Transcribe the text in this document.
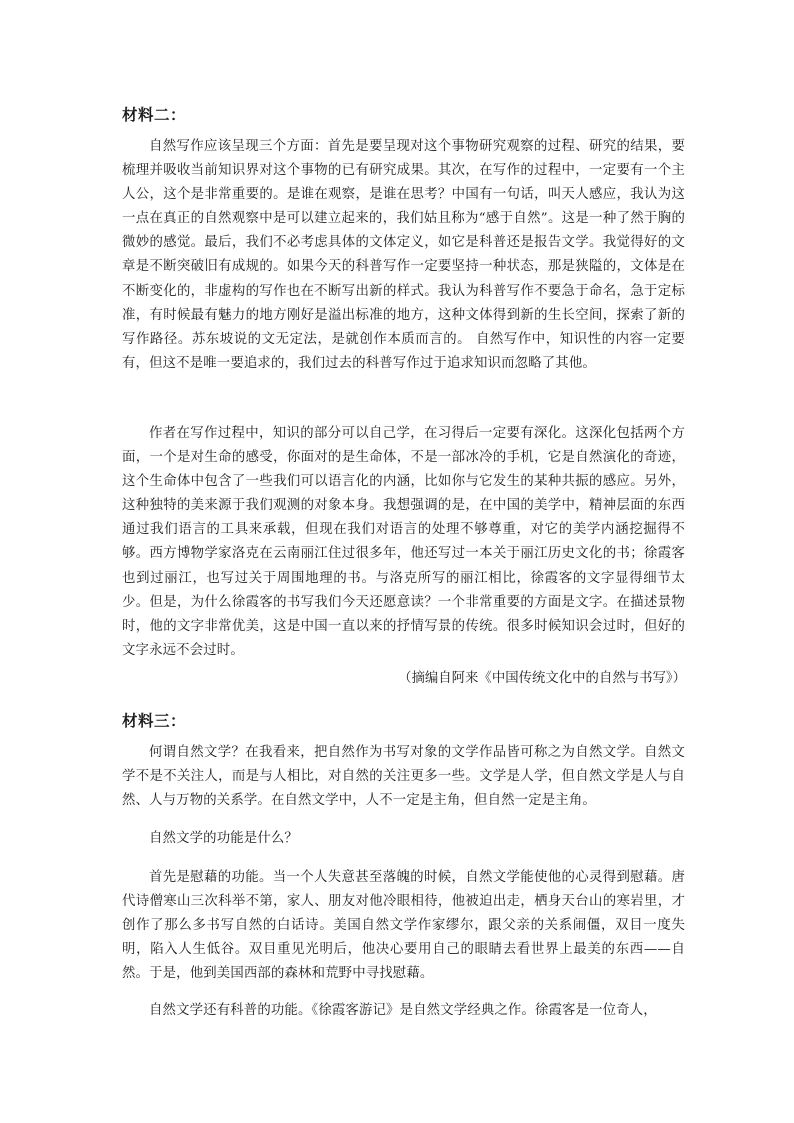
材料二：

自然写作应该呈现三个方面：首先是要呈现对这个事物研究观察的过程、研究的结果，要梳理并吸收当前知识界对这个事物的已有研究成果。其次，在写作的过程中，一定要有一个主人公，这个是非常重要的。是谁在观察，是谁在思考？中国有一句话，叫天人感应，我认为这一点在真正的自然观察中是可以建立起来的，我们姑且称为“感于自然”。这是一种了然于胸的微妙的感觉。最后，我们不必考虑具体的文体定义，如它是科普还是报告文学。我觉得好的文章是不断突破旧有成规的。如果今天的科普写作一定要坚持一种状态，那是狭隘的，文体是在不断变化的，非虚构的写作也在不断写出新的样式。我认为科普写作不要急于命名，急于定标准，有时候最有魅力的地方刚好是溢出标准的地方，这种文体得到新的生长空间，探索了新的写作路径。苏东坡说的文无定法，是就创作本质而言的。 自然写作中，知识性的内容一定要有，但这不是唯一要追求的，我们过去的科普写作过于追求知识而忽略了其他。

作者在写作过程中，知识的部分可以自己学，在习得后一定要有深化。这深化包括两个方面，一个是对生命的感受，你面对的是生命体，不是一部冰冷的手机，它是自然演化的奇迹，这个生命体中包含了一些我们可以语言化的内涵，比如你与它发生的某种共振的感应。另外，这种独特的美来源于我们观测的对象本身。我想强调的是，在中国的美学中，精神层面的东西通过我们语言的工具来承载，但现在我们对语言的处理不够尊重，对它的美学内涵挖掘得不够。西方博物学家洛克在云南丽江住过很多年，他还写过一本关于丽江历史文化的书；徐霞客也到过丽江，也写过关于周围地理的书。与洛克所写的丽江相比，徐霞客的文字显得细节太少。但是，为什么徐霞客的书写我们今天还愿意读？一个非常重要的方面是文字。在描述景物时，他的文字非常优美，这是中国一直以来的抒情写景的传统。很多时候知识会过时，但好的文字永远不会过时。

（摘编自阿来《中国传统文化中的自然与书写》）

材料三：

何谓自然文学？在我看来，把自然作为书写对象的文学作品皆可称之为自然文学。自然文学不是不关注人，而是与人相比，对自然的关注更多一些。文学是人学，但自然文学是人与自然、人与万物的关系学。在自然文学中，人不一定是主角，但自然一定是主角。

自然文学的功能是什么？

首先是慰藉的功能。当一个人失意甚至落魄的时候，自然文学能使他的心灵得到慰藉。唐代诗僧寒山三次科举不第，家人、朋友对他冷眼相待，他被迫出走，栖身天台山的寒岩里，才创作了那么多书写自然的白话诗。美国自然文学作家缪尔，跟父亲的关系闹僵，双目一度失明，陷入人生低谷。双目重见光明后，他决心要用自己的眼睛去看世界上最美的东西——自然。于是，他到美国西部的森林和荒野中寻找慰藉。

自然文学还有科普的功能。《徐霞客游记》是自然文学经典之作。徐霞客是一位奇人，
